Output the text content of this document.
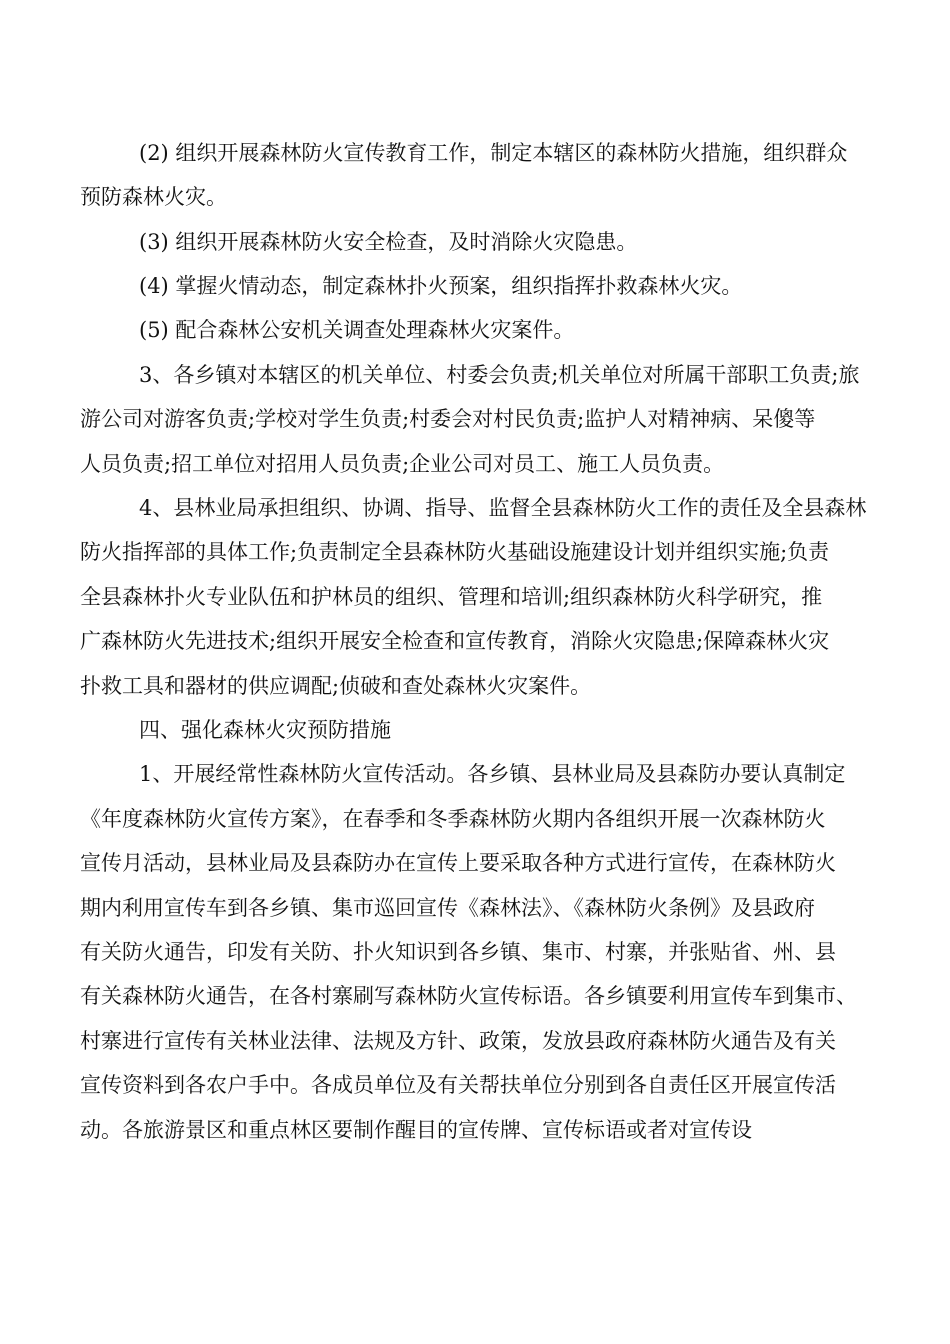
(2) 组织开展森林防火宣传教育工作，制定本辖区的森林防火措施，组织群众
预防森林火灾。
(3) 组织开展森林防火安全检查，及时消除火灾隐患。
(4) 掌握火情动态，制定森林扑火预案，组织指挥扑救森林火灾。
(5) 配合森林公安机关调查处理森林火灾案件。
3、各乡镇对本辖区的机关单位、村委会负责;机关单位对所属干部职工负责;旅
游公司对游客负责;学校对学生负责;村委会对村民负责;监护人对精神病、呆傻等
人员负责;招工单位对招用人员负责;企业公司对员工、施工人员负责。
4、县林业局承担组织、协调、指导、监督全县森林防火工作的责任及全县森林
防火指挥部的具体工作;负责制定全县森林防火基础设施建设计划并组织实施;负责
全县森林扑火专业队伍和护林员的组织、管理和培训;组织森林防火科学研究，推
广森林防火先进技术;组织开展安全检查和宣传教育，消除火灾隐患;保障森林火灾
扑救工具和器材的供应调配;侦破和查处森林火灾案件。
四、强化森林火灾预防措施
1、开展经常性森林防火宣传活动。各乡镇、县林业局及县森防办要认真制定
《年度森林防火宣传方案》，在春季和冬季森林防火期内各组织开展一次森林防火
宣传月活动，县林业局及县森防办在宣传上要采取各种方式进行宣传，在森林防火
期内利用宣传车到各乡镇、集市巡回宣传《森林法》、《森林防火条例》及县政府
有关防火通告，印发有关防、扑火知识到各乡镇、集市、村寨，并张贴省、州、县
有关森林防火通告，在各村寨刷写森林防火宣传标语。各乡镇要利用宣传车到集市、
村寨进行宣传有关林业法律、法规及方针、政策，发放县政府森林防火通告及有关
宣传资料到各农户手中。各成员单位及有关帮扶单位分别到各自责任区开展宣传活
动。各旅游景区和重点林区要制作醒目的宣传牌、宣传标语或者对宣传设
